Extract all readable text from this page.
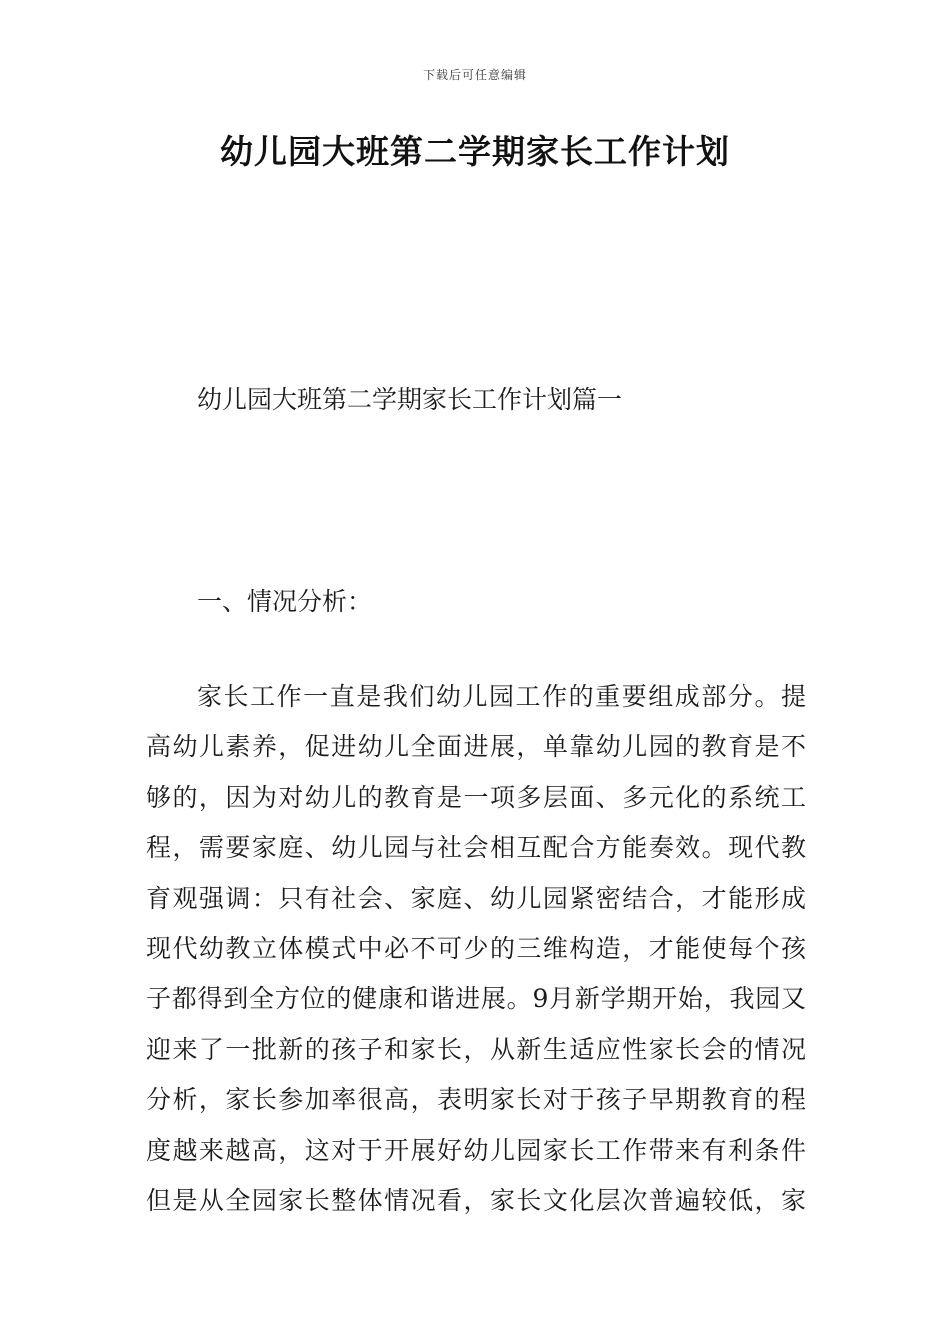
下载后可任意编辑
幼儿园大班第二学期家长工作计划
幼儿园大班第二学期家长工作计划篇一
一、情况分析：
家长工作一直是我们幼儿园工作的重要组成部分。提
高幼儿素养，促进幼儿全面进展，单靠幼儿园的教育是不
够的，因为对幼儿的教育是一项多层面、多元化的系统工
程，需要家庭、幼儿园与社会相互配合方能奏效。现代教
育观强调：只有社会、家庭、幼儿园紧密结合，才能形成
现代幼教立体模式中必不可少的三维构造，才能使每个孩
子都得到全方位的健康和谐进展。9月新学期开始，我园又
迎来了一批新的孩子和家长，从新生适应性家长会的情况
分析，家长参加率很高，表明家长对于孩子早期教育的程
度越来越高，这对于开展好幼儿园家长工作带来有利条件
但是从全园家长整体情况看，家长文化层次普遍较低，家
